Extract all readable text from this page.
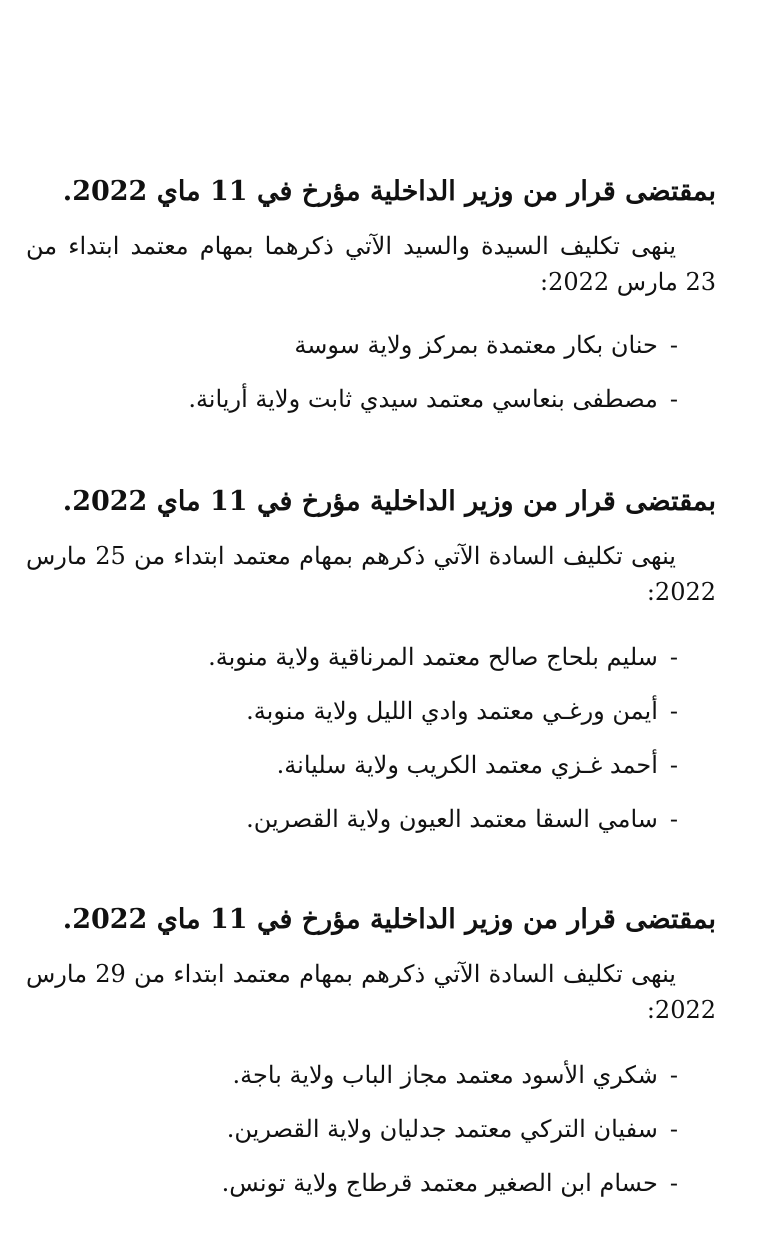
بمقتضى قرار من وزير الداخلية مؤرخ في 11 ماي 2022.
ينهى تكليف السيدة والسيد الآتي ذكرهما بمهام معتمد ابتداء من 23 مارس 2022:
-حنان بكار معتمدة بمركز ولاية سوسة
-مصطفى بنعاسي معتمد سيدي ثابت ولاية أريانة.
بمقتضى قرار من وزير الداخلية مؤرخ في 11 ماي 2022.
ينهى تكليف السادة الآتي ذكرهم بمهام معتمد ابتداء من 25 مارس 2022:
-سليم بلحاج صالح معتمد المرناقية ولاية منوبة.
-أيمن ورغـي معتمد وادي الليل ولاية منوبة.
-أحمد غـزي معتمد الكريب ولاية سليانة.
-سامي السقا معتمد العيون ولاية القصرين.
بمقتضى قرار من وزير الداخلية مؤرخ في 11 ماي 2022.
ينهى تكليف السادة الآتي ذكرهم بمهام معتمد ابتداء من 29 مارس 2022:
-شكري الأسود معتمد مجاز الباب ولاية باجة.
-سفيان التركي معتمد جدليان ولاية القصرين.
-حسام ابن الصغير معتمد قرطاج ولاية تونس.
